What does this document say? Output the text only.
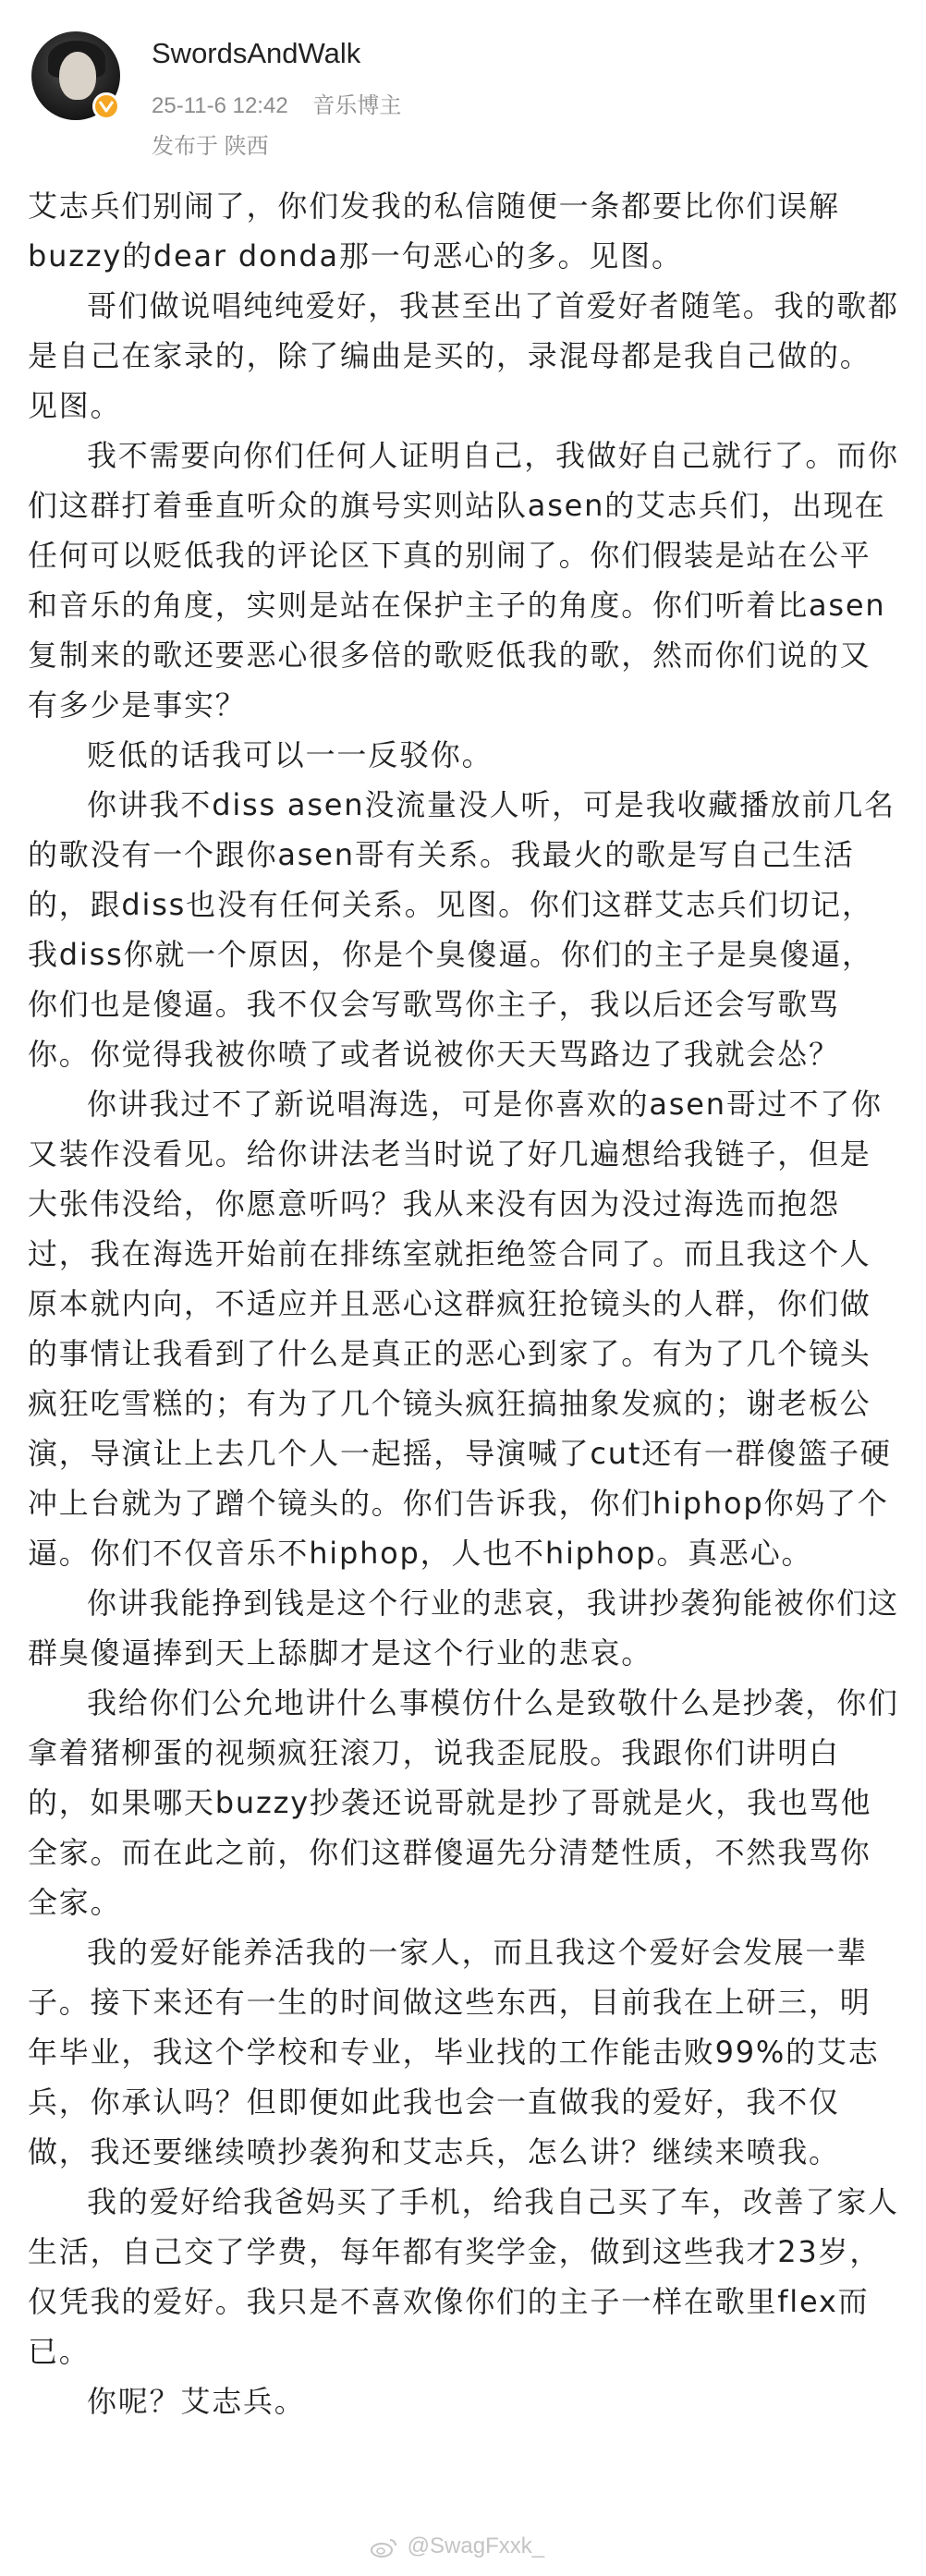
SwordsAndWalk
25-11-6 12:42 音乐博主
发布于 陕西

艾志兵们别闹了，你们发我的私信随便一条都要比你们误解buzzy的dear donda那一句恶心的多。见图。

哥们做说唱纯纯爱好，我甚至出了首爱好者随笔。我的歌都是自己在家录的，除了编曲是买的，录混母都是我自己做的。见图。

我不需要向你们任何人证明自己，我做好自己就行了。而你们这群打着垂直听众的旗号实则站队asen的艾志兵们，出现在任何可以贬低我的评论区下真的别闹了。你们假装是站在公平和音乐的角度，实则是站在保护主子的角度。你们听着比asen复制来的歌还要恶心很多倍的歌贬低我的歌，然而你们说的又有多少是事实？

贬低的话我可以一一反驳你。

你讲我不diss asen没流量没人听，可是我收藏播放前几名的歌没有一个跟你asen哥有关系。我最火的歌是写自己生活的，跟diss也没有任何关系。见图。你们这群艾志兵们切记，我diss你就一个原因，你是个臭傻逼。你们的主子是臭傻逼，你们也是傻逼。我不仅会写歌骂你主子，我以后还会写歌骂你。你觉得我被你喷了或者说被你天天骂路边了我就会怂？

你讲我过不了新说唱海选，可是你喜欢的asen哥过不了你又装作没看见。给你讲法老当时说了好几遍想给我链子，但是大张伟没给，你愿意听吗？我从来没有因为没过海选而抱怨过，我在海选开始前在排练室就拒绝签合同了。而且我这个人原本就内向，不适应并且恶心这群疯狂抢镜头的人群，你们做的事情让我看到了什么是真正的恶心到家了。有为了几个镜头疯狂吃雪糕的；有为了几个镜头疯狂搞抽象发疯的；谢老板公演，导演让上去几个人一起摇，导演喊了cut还有一群傻篮子硬冲上台就为了蹭个镜头的。你们告诉我，你们hiphop你妈了个逼。你们不仅音乐不hiphop，人也不hiphop。真恶心。

你讲我能挣到钱是这个行业的悲哀，我讲抄袭狗能被你们这群臭傻逼捧到天上舔脚才是这个行业的悲哀。

我给你们公允地讲什么事模仿什么是致敬什么是抄袭，你们拿着猪柳蛋的视频疯狂滚刀，说我歪屁股。我跟你们讲明白的，如果哪天buzzy抄袭还说哥就是抄了哥就是火，我也骂他全家。而在此之前，你们这群傻逼先分清楚性质，不然我骂你全家。

我的爱好能养活我的一家人，而且我这个爱好会发展一辈子。接下来还有一生的时间做这些东西，目前我在上研三，明年毕业，我这个学校和专业，毕业找的工作能击败99%的艾志兵，你承认吗？但即便如此我也会一直做我的爱好，我不仅做，我还要继续喷抄袭狗和艾志兵，怎么讲？继续来喷我。

我的爱好给我爸妈买了手机，给我自己买了车，改善了家人生活，自己交了学费，每年都有奖学金，做到这些我才23岁，仅凭我的爱好。我只是不喜欢像你们的主子一样在歌里flex而已。

你呢？艾志兵。

@SwagFxxk_
